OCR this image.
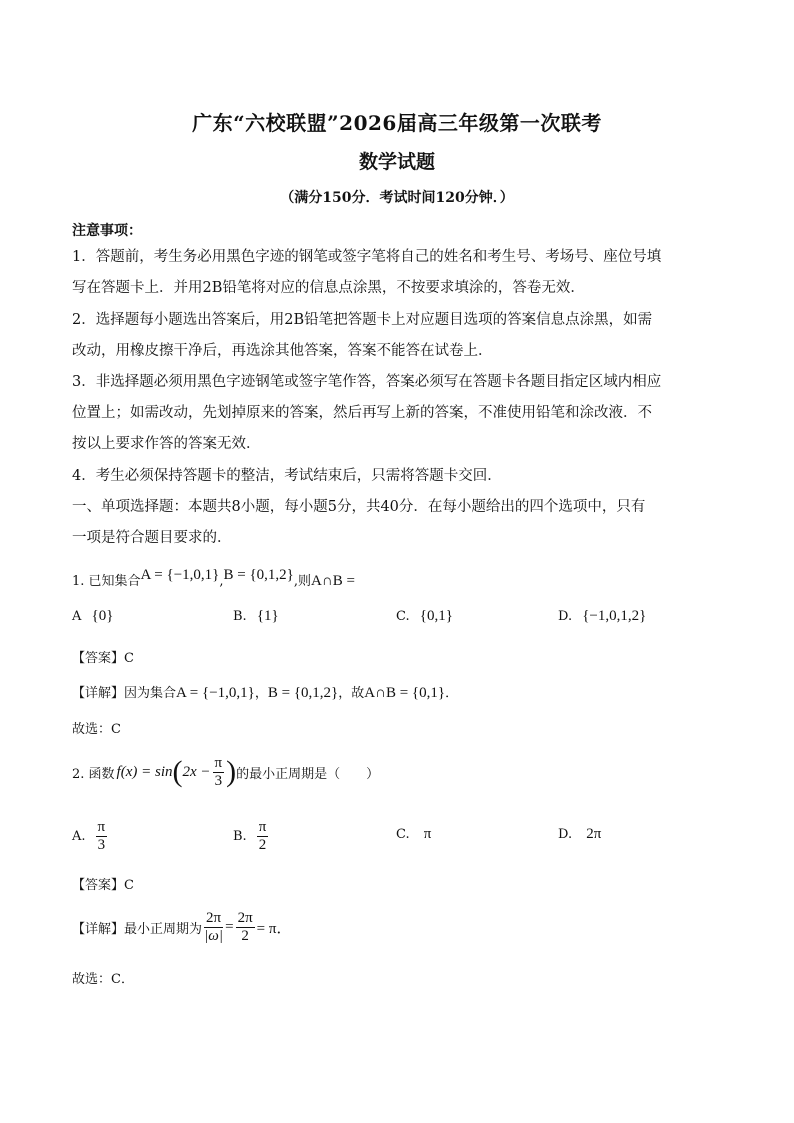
广东“六校联盟”2026届高三年级第一次联考
数学试题
（满分150分．考试时间120分钟．）
注意事项：
1．答题前，考生务必用黑色字迹的钢笔或签字笔将自己的姓名和考生号、考场号、座位号填
写在答题卡上．并用2B铅笔将对应的信息点涂黑，不按要求填涂的，答卷无效．
2．选择题每小题选出答案后，用2B铅笔把答题卡上对应题目选项的答案信息点涂黑，如需
改动，用橡皮擦干净后，再选涂其他答案，答案不能答在试卷上．
3．非选择题必须用黑色字迹钢笔或签字笔作答，答案必须写在答题卡各题目指定区域内相应
位置上；如需改动，先划掉原来的答案，然后再写上新的答案，不准使用铅笔和涂改液．不
按以上要求作答的答案无效．
4．考生必须保持答题卡的整洁，考试结束后，只需将答题卡交回．
一、单项选择题：本题共8小题，每小题5分，共40分．在每小题给出的四个选项中，只有
一项是符合题目要求的．
1. 已知集合A = {−1,0,1},B = {0,1,2},则A∩B =
A {0}	B. {1}	C. {0,1}	D. {−1,0,1,2}
【答案】C
【详解】因为集合A = {−1,0,1}，B = {0,1,2}，故A∩B = {0,1}．
故选：C
2. 函数 f(x) = sin ( $2x - \frac{\pi}{3}$ ) 的最小正周期是（　　）
A. $\frac{\pi}{3}$	B. $\frac{\pi}{2}$	C. π	D. 2π
【答案】C
【详解】 最小正周期为 $\frac{2\pi}{|\omega|} = \frac{2\pi}{2} = \pi$．
故选：C．
